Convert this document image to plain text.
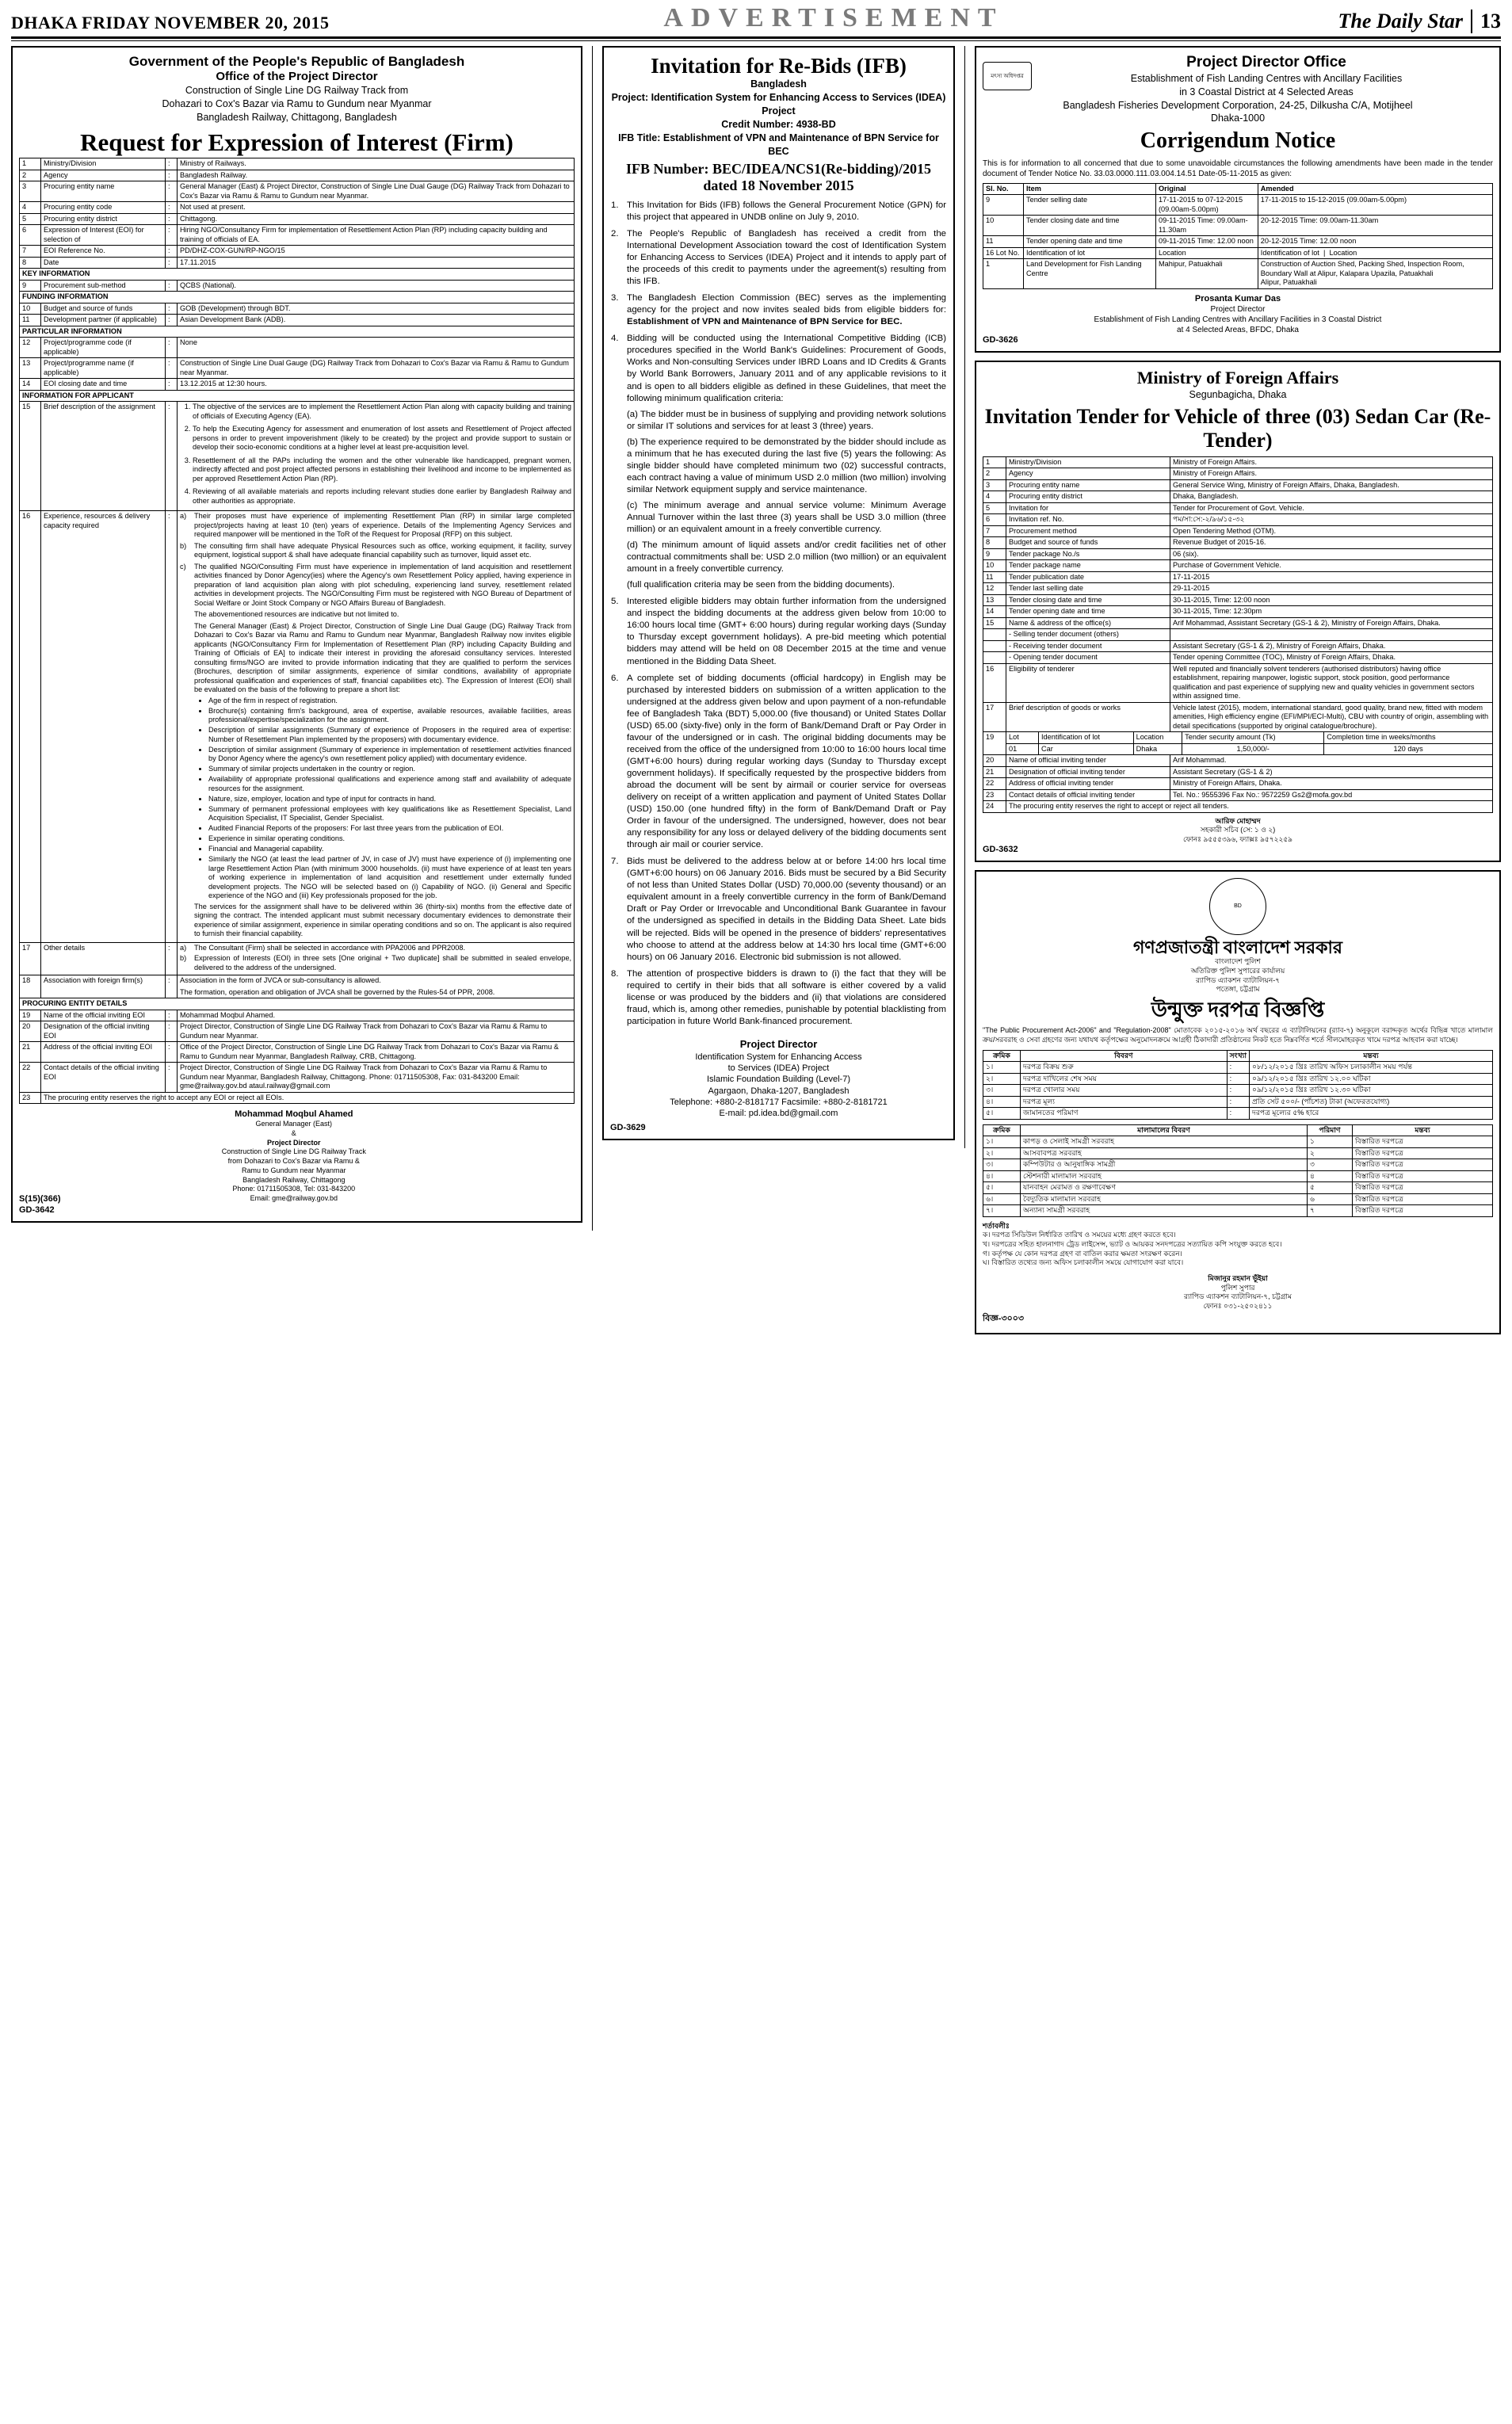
DHAKA FRIDAY NOVEMBER 20, 2015	ADVERTISEMENT	The Daily Star 13
Government of the People's Republic of Bangladesh
Office of the Project Director
Construction of Single Line DG Railway Track from
Dohazari to Cox's Bazar via Ramu to Gundum near Myanmar
Bangladesh Railway, Chittagong, Bangladesh
Request for Expression of Interest (Firm)
1	Ministry/Division	:	Ministry of Railways.
2	Agency	:	Bangladesh Railway.
3	Procuring entity name	:	General Manager (East) & Project Director, Construction of Single Line Dual Gauge (DG) Railway Track from Dohazari to Cox's Bazar via Ramu & Ramu to Gundum near Myanmar.
4	Procuring entity code	:	Not used at present.
5	Procuring entity district	:	Chittagong.
6	Expression of Interest (EOI) for selection of	:	Hiring NGO/Consultancy Firm for implementation of Resettlement Action Plan (RP) including capacity building and training of officials of EA.
7	EOI Reference No.	:	PD/DHZ-COX-GUN/RP-NGO/15
8	Date	:	17.11.2015
KEY INFORMATION
9	Procurement sub-method	:	QCBS (National).
FUNDING INFORMATION
10	Budget and source of funds	:	GOB (Development) through BDT.
11	Development partner (if applicable)	:	Asian Development Bank (ADB).
PARTICULAR INFORMATION
12	Project/programme code (if applicable)	:	None
13	Project/programme name (if applicable)	:	Construction of Single Line Dual Gauge (DG) Railway Track from Dohazari to Cox's Bazar via Ramu & Ramu to Gundum near Myanmar.
14	EOI closing date and time	:	13.12.2015 at 12:30 hours.
INFORMATION FOR APPLICANT
15	Brief description of the assignment	:	
1.The objective of the services are to implement the Resettlement Action Plan along with capacity building and training of officials of Executing Agency (EA).
2. To help the Executing Agency for assessment and enumeration of lost assets and Resettlement of Project affected persons in order to prevent impoverishment (likely to be created) by the project and provide support to sustain or develop their socio-economic conditions at a higher level at least pre-acquisition level.
3. Resettlement of all the PAPs including the women and the other vulnerable like handicapped, pregnant women, indirectly affected and post project affected persons in establishing their livelihood and income to be implemented as per approved Resettlement Action Plan (RP).
4. Reviewing of all available materials and reports including relevant studies done earlier by Bangladesh Railway and other authorities as appropriate.

16	Experience, resources & delivery capacity required	:	a)	Their proposes must have experience of implementing Resettlement Plan (RP) in similar large completed project/projects having at least 10 (ten) years of experience. Details of the Implementing Agency Services and required manpower will be mentioned in the ToR of the Request for Proposal (RFP) on this subject.
b)	The consulting firm shall have adequate Physical Resources such as office, working equipment, it facility, survey equipment, logistical support & shall have adequate financial capability such as turnover, liquid asset etc.
c)	The qualified NGO/Consulting Firm must have experience in implementation of land acquisition and resettlement activities financed by Donor Agency(ies) where the Agency's own Resettlement Policy applied, having experience in preparation of land acquisition plan along with plot scheduling, experiencing land survey, resettlement related activities in development projects. The NGO/Consulting Firm must be registered with NGO Bureau of Department of Social Welfare or Joint Stock Company or NGO Affairs Bureau of Bangladesh.
The abovementioned resources are indicative but not limited to.
The General Manager (East) & Project Director, Construction of Single Line Dual Gauge (DG) Railway Track from Dohazari to Cox's Bazar via Ramu and Ramu to Gundum near Myanmar, Bangladesh Railway now invites eligible applicants (NGO/Consultancy Firm for Implementation of Resettlement Plan (RP) including Capacity Building and Training of Officials of EA] to indicate their interest in providing the aforesaid consultancy services. Interested consulting firms/NGO are invited to provide information indicating that they are qualified to perform the services (Brochures, description of similar assignments, experience of similar conditions, availability of appropriate professional qualification and experiences of staff, financial capabilities etc). The Expression of Interest (EOI) shall be evaluated on the basis of the following to prepare a short list:
• Age of the firm in respect of registration.
• Brochure(s) containing firm's background, area of expertise, available resources, available facilities, areas professional/expertise/specialization for the assignment.
• Description of similar assignments (Summary of experience of Proposers in the required area of expertise: Number of Resettlement Plan implemented by the proposers) with documentary evidence.
• Description of similar assignment (Summary of experience in implementation of resettlement activities financed by Donor Agency where the agency's own resettlement policy applied) with documentary evidence.
• Summary of similar projects undertaken in the country or region.
• Availability of appropriate professional qualifications and experience among staff and availability of adequate resources for the assignment.
• Nature, size, employer, location and type of input for contracts in hand.
• Summary of permanent professional employees with key qualifications like as Resettlement Specialist, Land Acquisition Specialist, IT Specialist, Gender Specialist.
• Audited Financial Reports of the proposers: For last three years from the publication of EOI.
• Experience in similar operating conditions.
• Financial and Managerial capability.
• Similarly the NGO (at least the lead partner of JV, in case of JV) must have experience of (i) implementing one large Resettlement Action Plan (with minimum 3000 households. (ii) must have experience of at least ten years of working experience in implementation of land acquisition and resettlement under externally funded development projects. The NGO will be selected based on (i) Capability of NGO. (ii) General and Specific experience of the NGO and (iii) Key professionals proposed for the job.
The services for the assignment shall have to be delivered within 36 (thirty-six) months from the effective date of signing the contract. The intended applicant must submit necessary documentary evidences to demonstrate their experience of similar assignment, experience in similar operating conditions and so on. The applicant is also required to furnish their financial capability.

17	Other details	:	a)	The Consultant (Firm) shall be selected in accordance with PPA2006 and PPR2008.
b)	Expression of Interests (EOI) in three sets [One original + Two duplicate] shall be submitted in sealed envelope, delivered to the address of the undersigned.

18	Association with foreign firm(s)	:	Association in the form of JVCA or sub-consultancy is allowed.
The formation, operation and obligation of JVCA shall be governed by the Rules-54 of PPR, 2008.

PROCURING ENTITY DETAILS
19	Name of the official inviting EOI	:	Mohammad Moqbul Ahamed.
20	Designation of the official inviting EOI	:	Project Director, Construction of Single Line DG Railway Track from Dohazari to Cox's Bazar via Ramu & Ramu to Gundum near Myanmar.
21	Address of the official inviting EOI	:	Office of the Project Director, Construction of Single Line DG Railway Track from Dohazari to Cox's Bazar via Ramu & Ramu to Gundum near Myanmar, Bangladesh Railway, CRB, Chittagong.
22	Contact details of the official inviting EOI	:	Project Director, Construction of Single Line DG Railway Track from Dohazari to Cox's Bazar via Ramu & Ramu to Gundum near Myanmar, Bangladesh Railway, Chittagong. Phone: 01711505308, Fax: 031-843200 Email: gme@railway.gov.bd ataul.railway@gmail.com
23	The procuring entity reserves the right to accept any EOI or reject all EOIs.
S(15)(366)
Mohammad Moqbul Ahamed
General Manager (East)
&
Project Director
Construction of Single Line DG Railway Track
from Dohazari to Cox's Bazar via Ramu &
Ramu to Gundum near Myanmar
Bangladesh Railway, Chittagong
Phone: 01711505308, Tel: 031-843200
Email: gme@railway.gov.bd
GD-3642
Invitation for Re-Bids (IFB)
Bangladesh
Project: Identification System for Enhancing Access to Services (IDEA) Project
Credit Number: 4938-BD
IFB Title: Establishment of VPN and Maintenance of BPN Service for BEC
IFB Number: BEC/IDEA/NCS1(Re-bidding)/2015 dated 18 November 2015
1.	This Invitation for Bids (IFB) follows the General Procurement Notice (GPN) for this project that appeared in UNDB online on July 9, 2010.
2.	The People's Republic of Bangladesh has received a credit from the International Development Association toward the cost of Identification System for Enhancing Access to Services (IDEA) Project and it intends to apply part of the proceeds of this credit to payments under the agreement(s) resulting from this IFB.
3.	The Bangladesh Election Commission (BEC) serves as the implementing agency for the project and now invites sealed bids from eligible bidders for: Establishment of VPN and Maintenance of BPN Service for BEC.
4.	Bidding will be conducted using the International Competitive Bidding (ICB) procedures specified in the World Bank's Guidelines: Procurement of Goods, Works and Non-consulting Services under IBRD Loans and ID Credits & Grants by World Bank Borrowers, January 2011 and of any applicable revisions to it and is open to all bidders eligible as defined in these Guidelines, that meet the following minimum qualification criteria:
(a) The bidder must be in business of supplying and providing network solutions or similar IT solutions and services for at least 3 (three) years.
(b) The experience required to be demonstrated by the bidder should include as a minimum that he has executed during the last five (5) years the following: As single bidder should have completed minimum two (02) successful contracts, each contract having a value of minimum USD 2.0 million (two million) involving similar Network equipment supply and service maintenance.
(c) The minimum average and annual service volume: Minimum Average Annual Turnover within the last three (3) years shall be USD 3.0 million (three million) or an equivalent amount in a freely convertible currency.
(d) The minimum amount of liquid assets and/or credit facilities net of other contractual commitments shall be: USD 2.0 million (two million) or an equivalent amount in a freely convertible currency.
(full qualification criteria may be seen from the bidding documents).

5.	Interested eligible bidders may obtain further information from the undersigned and inspect the bidding documents at the address given below from 10:00 to 16:00 hours local time (GMT+ 6:00 hours) during regular working days (Sunday to Thursday except government holidays). A pre-bid meeting which potential bidders may attend will be held on 08 December 2015 at the time and venue mentioned in the Bidding Data Sheet.
6.	A complete set of bidding documents (official hardcopy) in English may be purchased by interested bidders on submission of a written application to the undersigned at the address given below and upon payment of a non-refundable fee of Bangladesh Taka (BDT) 5,000.00 (five thousand) or United States Dollar (USD) 65.00 (sixty-five) only in the form of Bank/Demand Draft or Pay Order in favour of the undersigned or in cash. The original bidding documents may be received from the office of the undersigned from 10:00 to 16:00 hours local time (GMT+6:00 hours) during regular working days (Sunday to Thursday except government holidays). If specifically requested by the prospective bidders from abroad the document will be sent by airmail or courier service for overseas delivery on receipt of a written application and payment of United States Dollar (USD) 150.00 (one hundred fifty) in the form of Bank/Demand Draft or Pay Order in favour of the undersigned. The undersigned, however, does not bear any responsibility for any loss or delayed delivery of the bidding documents sent through air mail or courier service.
7.	Bids must be delivered to the address below at or before 14:00 hrs local time (GMT+6:00 hours) on 06 January 2016. Bids must be secured by a Bid Security of not less than United States Dollar (USD) 70,000.00 (seventy thousand) or an equivalent amount in a freely convertible currency in the form of Bank/Demand Draft or Pay Order or Irrevocable and Unconditional Bank Guarantee in favour of the undersigned as specified in details in the Bidding Data Sheet. Late bids will be rejected. Bids will be opened in the presence of bidders' representatives who choose to attend at the address below at 14:30 hrs local time (GMT+6:00 hours) on 06 January 2016. Electronic bid submission is not allowed.
8.	The attention of prospective bidders is drawn to (i) the fact that they will be required to certify in their bids that all software is either covered by a valid license or was produced by the bidders and (ii) that violations are considered fraud, which is, among other remedies, punishable by potential blacklisting from participation in future World Bank-financed procurement.
Project Director
Identification System for Enhancing Access
to Services (IDEA) Project
Islamic Foundation Building (Level-7)
Agargaon, Dhaka-1207, Bangladesh
Telephone: +880-2-8181717 Facsimile: +880-2-8181721
E-mail: pd.idea.bd@gmail.com
GD-3629
মৎস্য অধিদপ্তর
Project Director Office
Establishment of Fish Landing Centres with Ancillary Facilities
in 3 Coastal District at 4 Selected Areas
Bangladesh Fisheries Development Corporation, 24-25, Dilkusha C/A, Motijheel
Dhaka-1000
Corrigendum Notice
This is for information to all concerned that due to some unavoidable circumstances the following amendments have been made in the tender document of Tender Notice No. 33.03.0000.111.03.004.14.51 Date-05-11-2015 as given:
Sl. No.	Item	Original	Amended
9	Tender selling date	17-11-2015 to 07-12-2015 (09.00am-5.00pm)	17-11-2015 to 15-12-2015 (09.00am-5.00pm)
10	Tender closing date and time	09-11-2015 Time: 09.00am-11.30am	20-12-2015 Time: 09.00am-11.30am
11	Tender opening date and time	09-11-2015 Time: 12.00 noon	20-12-2015 Time: 12.00 noon
16 Lot No.	Identification of lot	Location	Identification of lot  |  Location
1	Land Development for Fish Landing Centre	Mahipur, Patuakhali	Construction of Auction Shed, Packing Shed, Inspection Room, Boundary Wall at Alipur, Kalapara Upazila, Patuakhali
Alipur, Patuakhali
Prosanta Kumar Das
Project Director
Establishment of Fish Landing Centres with Ancillary Facilities in 3 Coastal District
at 4 Selected Areas, BFDC, Dhaka
GD-3626
Ministry of Foreign Affairs
Segunbagicha, Dhaka
Invitation Tender for Vehicle of three (03) Sedan Car (Re-Tender)
1	Ministry/Division	Ministry of Foreign Affairs.
2	Agency	Ministry of Foreign Affairs.
3	Procuring entity name	General Service Wing, Ministry of Foreign Affairs, Dhaka, Bangladesh.
4	Procuring entity district	Dhaka, Bangladesh.
5	Invitation for	Tender for Procurement of Govt. Vehicle.
6	Invitation ref. No.	পম/সা:সে:-২/৯৬/১৫-৩২
7	Procurement method	Open Tendering Method (OTM).
8	Budget and source of funds	Revenue Budget of 2015-16.
9	Tender package No./s	06 (six).
10	Tender package name	Purchase of Government Vehicle.
11	Tender publication date	17-11-2015
12	Tender last selling date	29-11-2015
13	Tender closing date and time	30-11-2015, Time: 12:00 noon
14	Tender opening date and time	30-11-2015, Time: 12:30pm
15	Name & address of the office(s)	Arif Mohammad, Assistant Secretary (GS-1 & 2), Ministry of Foreign Affairs, Dhaka.
	- Selling tender document (others)	
	- Receiving tender document	Assistant Secretary (GS-1 & 2), Ministry of Foreign Affairs, Dhaka.
	- Opening tender document	Tender opening Committee (TOC), Ministry of Foreign Affairs, Dhaka.
16	Eligibility of tenderer	Well reputed and financially solvent tenderers (authorised distributors) having office establishment, repairing manpower, logistic support, stock position, good performance qualification and past experience of supplying new and quality vehicles in government sectors within assigned time.
17	Brief description of goods or works	Vehicle latest (2015), modem, international standard, good quality, brand new, fitted with modem amenities, High efficiency engine (EFI/MPI/ECI-Multi), CBU with country of origin, assembling with detail specifications (supported by original catalogue/brochure).
19	Lot	Identification of lot	Location	Tender security amount (Tk)	Completion time in weeks/months
01	Car	Dhaka	1,50,000/-	120 days

20	Name of official inviting tender	Arif Mohammad.
21	Designation of official inviting tender	Assistant Secretary (GS-1 & 2)
22	Address of official inviting tender	Ministry of Foreign Affairs, Dhaka.
23	Contact details of official inviting tender	Tel. No.: 9555396 Fax No.: 9572259 Gs2@mofa.gov.bd
24	The procuring entity reserves the right to accept or reject all tenders.
আরিফ মোহাম্মদ
সহকারী সচিব (সে: ১ ও ২)
ফোনঃ ৯৫৫৫৩৯৬, ফ্যাক্সঃ ৯৫৭২২৫৯
GD-3632
BD
গণপ্রজাতন্ত্রী বাংলাদেশ সরকার
বাংলাদেশ পুলিশ
অতিরিক্ত পুলিশ সুপারের কার্যালয়
র‌্যাপিড এ্যাকশন ব্যাটালিয়ন-৭
পতেঙ্গা, চট্টগ্রাম
উন্মুক্ত দরপত্র বিজ্ঞপ্তি
"The Public Procurement Act-2006" and "Regulation-2008" মোতাবেক ২০১৫-২০১৬ অর্থ বছরের এ ব্যাটালিয়নের (র‌্যাব-৭) অনুকূলে বরাদ্দকৃত অর্থের বিভিন্ন খাতে মালামাল ক্রয়/সরবরাহ ও সেবা গ্রহণের জন্য যথাযথ কর্তৃপক্ষের অনুমোদনক্রমে আগ্রহী ঠিকাদারী প্রতিষ্ঠানের নিকট হতে নিম্নবর্ণিত শর্তে সীলমোহরকৃত খামে দরপত্র আহবান করা যাচ্ছে।
ক্রমিক	বিবরণ	সংখ্যা	মন্তব্য
১।	দরপত্র বিক্রয় শুরু	:	০৮/১২/২০১৫ খ্রিঃ তারিখ অফিস চলাকালীন সময় পর্যন্ত
২।	দরপত্র দাখিলের শেষ সময়	:	০৯/১২/২০১৫ খ্রিঃ তারিখ ১২.০০ ঘটিকা
৩।	দরপত্র খোলার সময়	:	০৯/১২/২০১৫ খ্রিঃ তারিখ ১২.৩০ ঘটিকা
৪।	দরপত্র মূল্য	:	প্রতি সেট ৫০০/- (পাঁচশত) টাকা (অফেরতযোগ্য)
৫।	জামানতের পরিমাণ	:	দরপত্র মূল্যের ৫% হারে
ক্রমিক	মালামালের বিবরণ	পরিমাণ	মন্তব্য
১।	কাপড় ও সেলাই সামগ্রী সরবরাহ	১	বিস্তারিত দরপত্রে
২।	আসবাবপত্র সরবরাহ	২	বিস্তারিত দরপত্রে
৩।	কম্পিউটার ও আনুষাঙ্গিক সামগ্রী	৩	বিস্তারিত দরপত্রে
৪।	স্টেশনারী মালামাল সরবরাহ	৪	বিস্তারিত দরপত্রে
৫।	যানবাহন মেরামত ও রক্ষণাবেক্ষণ	৫	বিস্তারিত দরপত্রে
৬।	বৈদ্যুতিক মালামাল সরবরাহ	৬	বিস্তারিত দরপত্রে
৭।	অন্যান্য সামগ্রী সরবরাহ	৭	বিস্তারিত দরপত্রে
শর্তাবলীঃ
ক। দরপত্র সিডিউল নির্ধারিত তারিখ ও সময়ের মধ্যে গ্রহণ করতে হবে।
খ। দরপত্রের সহিত হালনাগাদ ট্রেড লাইসেন্স, ভ্যাট ও আয়কর সনদপত্রের সত্যায়িত কপি সংযুক্ত করতে হবে।
গ। কর্তৃপক্ষ যে কোন দরপত্র গ্রহণ বা বাতিল করার ক্ষমতা সংরক্ষণ করেন।
ঘ। বিস্তারিত তথ্যের জন্য অফিস চলাকালীন সময়ে যোগাযোগ করা যাবে।
মিজানুর রহমান ভূঁইয়া
পুলিশ সুপার
র‌্যাপিড এ্যাকশন ব্যাটালিয়ন-৭, চট্টগ্রাম
ফোনঃ ০৩১-২৫০২৪১১
বিজ্ঞ-৩০০৩
